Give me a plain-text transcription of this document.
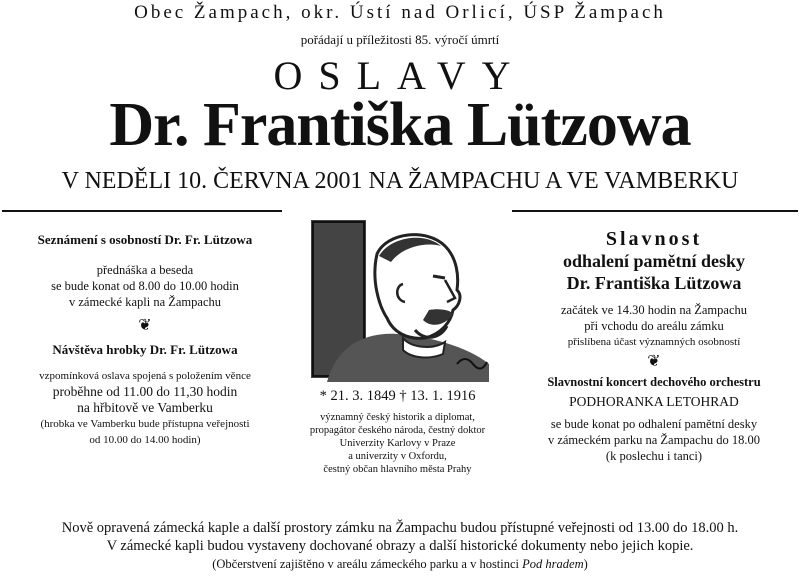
Obec Žampach, okr. Ústí nad Orlicí, ÚSP Žampach
pořádají u příležitosti 85. výročí úmrtí
OSLAVY
Dr. Františka Lützowa
V NEDĚLI 10. ČERVNA 2001 NA ŽAMPACHU A VE VAMBERKU
Seznámení s osobností Dr. Fr. Lützowa
přednáška a beseda
se bude konat od 8.00 do 10.00 hodin
v zámecké kapli na Žampachu
❦
Návštěva hrobky Dr. Fr. Lützowa
vzpomínková oslava spojená s položením věnce
proběhne od 11.00 do 11,30 hodin
na hřbitově ve Vamberku
(hrobka ve Vamberku bude přístupna veřejnosti
od 10.00 do 14.00 hodin)
* 21. 3. 1849 † 13. 1. 1916
významný český historik a diplomat,
propagátor českého národa, čestný doktor
Univerzity Karlovy v Praze
a univerzity v Oxfordu,
čestný občan hlavního města Prahy
Slavnost
odhalení pamětní desky
Dr. Františka Lützowa
začátek ve 14.30 hodin na Žampachu
při vchodu do areálu zámku
přislíbena účast významných osobností
❦
Slavnostní koncert dechového orchestru
PODHORANKA LETOHRAD
se bude konat po odhalení pamětní desky
v zámeckém parku na Žampachu do 18.00
(k poslechu i tanci)
Nově opravená zámecká kaple a další prostory zámku na Žampachu budou přístupné veřejnosti od 13.00 do 18.00 h.
V zámecké kapli budou vystaveny dochované obrazy a další historické dokumenty nebo jejich kopie.
(Občerstvení zajištěno v areálu zámeckého parku a v hostinci Pod hradem)
